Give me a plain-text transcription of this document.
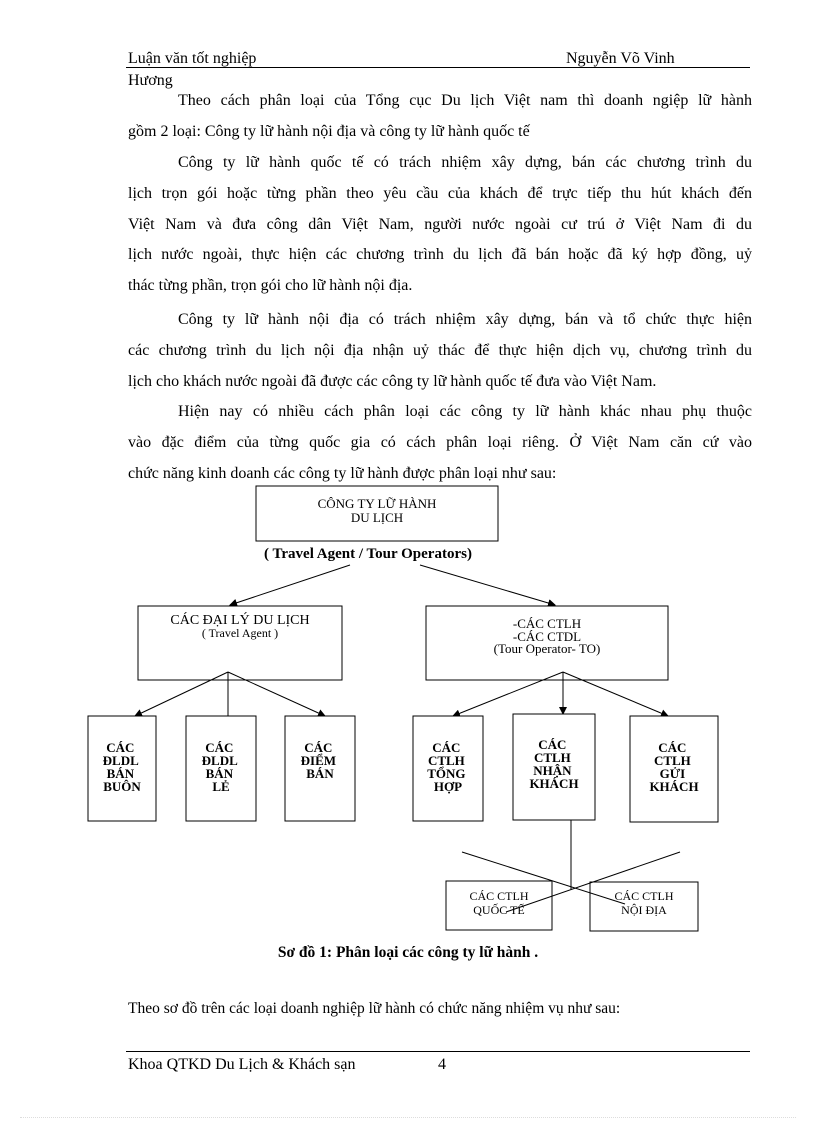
Luận văn tốt nghiệp	Nguyễn Võ Vinh
Hương
Theo cách phân loại của Tổng cục Du lịch Việt nam thì doanh ngiệp lữ hành
gồm 2 loại: Công ty lữ hành nội địa và công ty lữ hành quốc tế
Công ty lữ hành quốc tế có trách nhiệm xây dựng, bán các chương trình du
lịch trọn gói hoặc từng phần theo yêu cầu của khách để trực tiếp thu hút khách đến
Việt Nam và đưa công dân Việt Nam, người nước ngoài cư trú ở Việt Nam đi du
lịch nước ngoài, thực hiện các chương trình du lịch đã bán hoặc đã ký hợp đồng, uỷ
thác từng phần, trọn gói cho lữ hành nội địa.
Công ty lữ hành nội địa có trách nhiệm xây dựng, bán và tổ chức thực hiện
các chương trình du lịch nội địa nhận uỷ thác để thực hiện dịch vụ, chương trình du
lịch cho khách nước ngoài đã được các công ty lữ hành quốc tế đưa vào Việt Nam.
Hiện nay có nhiều cách phân loại các công ty lữ hành khác nhau phụ thuộc
vào đặc điểm của từng quốc gia có cách phân loại riêng. Ở Việt Nam căn cứ vào
chức năng kinh doanh các công ty lữ hành được phân loại như sau:
CÔNG TY LỮ HÀNH
DU LỊCH
( Travel Agent / Tour Operators)
CÁC ĐẠI LÝ DU LỊCH
( Travel Agent )
-CÁC CTLH
-CÁC CTDL
(Tour Operator- TO)
CÁC ĐLDL BÁN BUÔN
CÁC ĐLDL BÁN LẺ
CÁC ĐIỂM BÁN
CÁC CTLH TỔNG HỢP
CÁC CTLH NHẬN KHÁCH
CÁC CTLH GỬI KHÁCH
CÁC CTLH
QUỐC TẾ
CÁC CTLH
NỘI ĐỊA
Sơ đồ 1: Phân loại các công ty lữ hành .
Theo sơ đồ trên các loại doanh nghiệp lữ hành có chức năng nhiệm vụ như sau:
Khoa QTKD Du Lịch & Khách sạn	4
